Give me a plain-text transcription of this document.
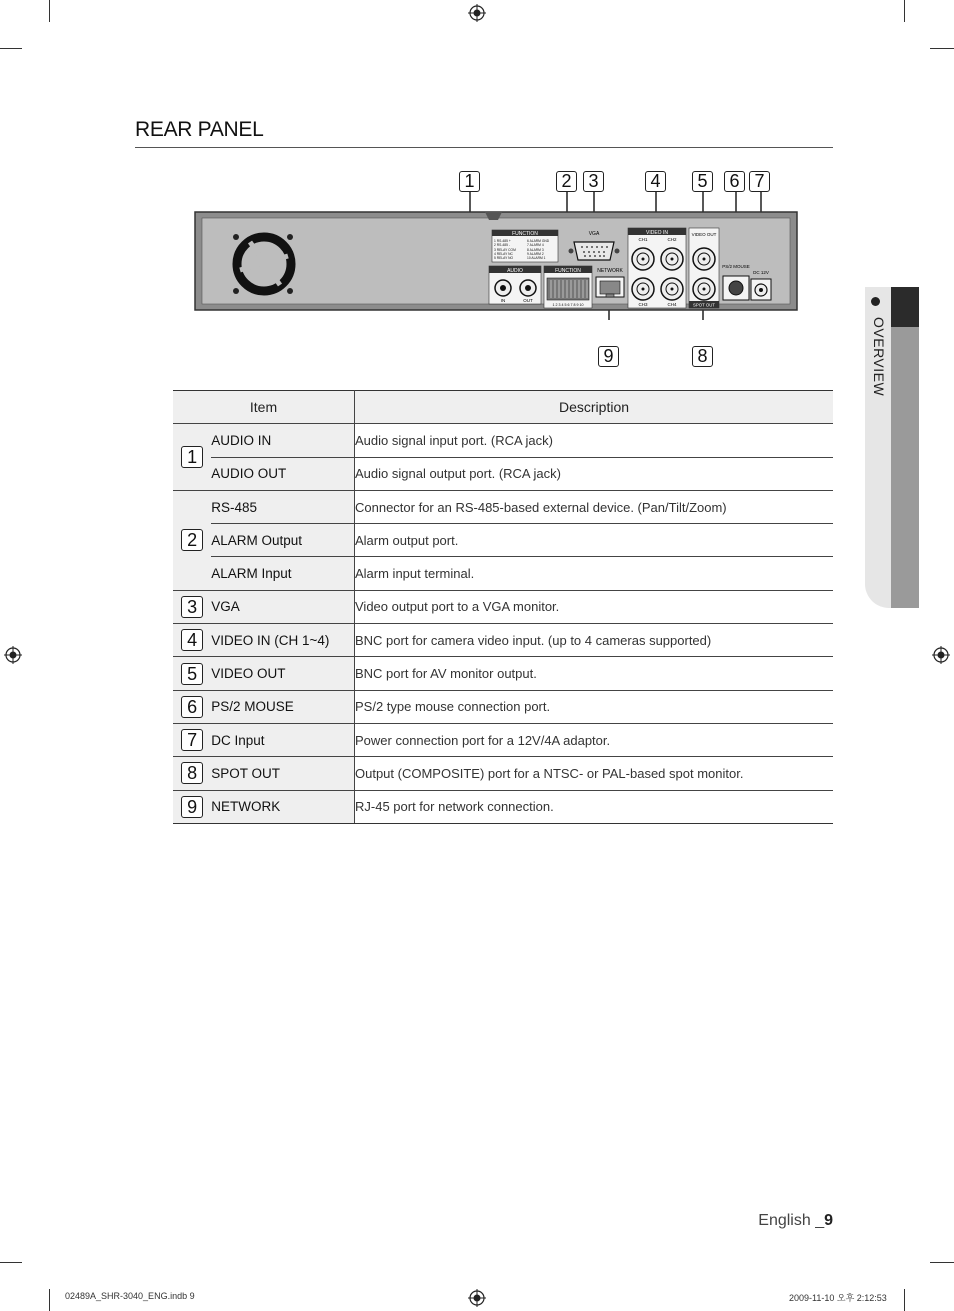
REAR PANEL
1	2 3	4	5	6 7
9	8
FUNCTION
1 RS-485 +
2 RS-485 -
3 RELAY COM
4 RELAY NC
5 RELAY NO
6 ALARM GND
7 ALARM 4
8 ALARM 3
9 ALARM 2
10 ALARM 1
AUDIO
IN	OUT
FUNCTION
1 2 3 4 5 6 7 8 9 10
VGA
NETWORK
VIDEO IN
CH1	CH2
CH3	CH4
VIDEO OUT
SPOT OUT
PS/2 MOUSE
DC 12V
Item		Description
1	AUDIO IN	Audio signal input port. (RCA jack)
	AUDIO OUT	Audio signal output port. (RCA jack)
2	RS-485	Connector for an RS-485-based external device. (Pan/Tilt/Zoom)
	ALARM Output	Alarm output port.
	ALARM Input	Alarm input terminal.
3	VGA	Video output port to a VGA monitor.
4	VIDEO IN (CH 1~4)	BNC port for camera video input. (up to 4 cameras supported)
5	VIDEO OUT	BNC port for AV monitor output.
6	PS/2 MOUSE	PS/2 type mouse connection port.
7	DC Input	Power connection port for a 12V/4A adaptor.
8	SPOT OUT	Output (COMPOSITE) port for a NTSC- or PAL-based spot monitor.
9	NETWORK	RJ-45 port for network connection.
OVERVIEW
English _9
02489A_SHR-3040_ENG.indb 9	2009-11-10 오후 2:12:53
